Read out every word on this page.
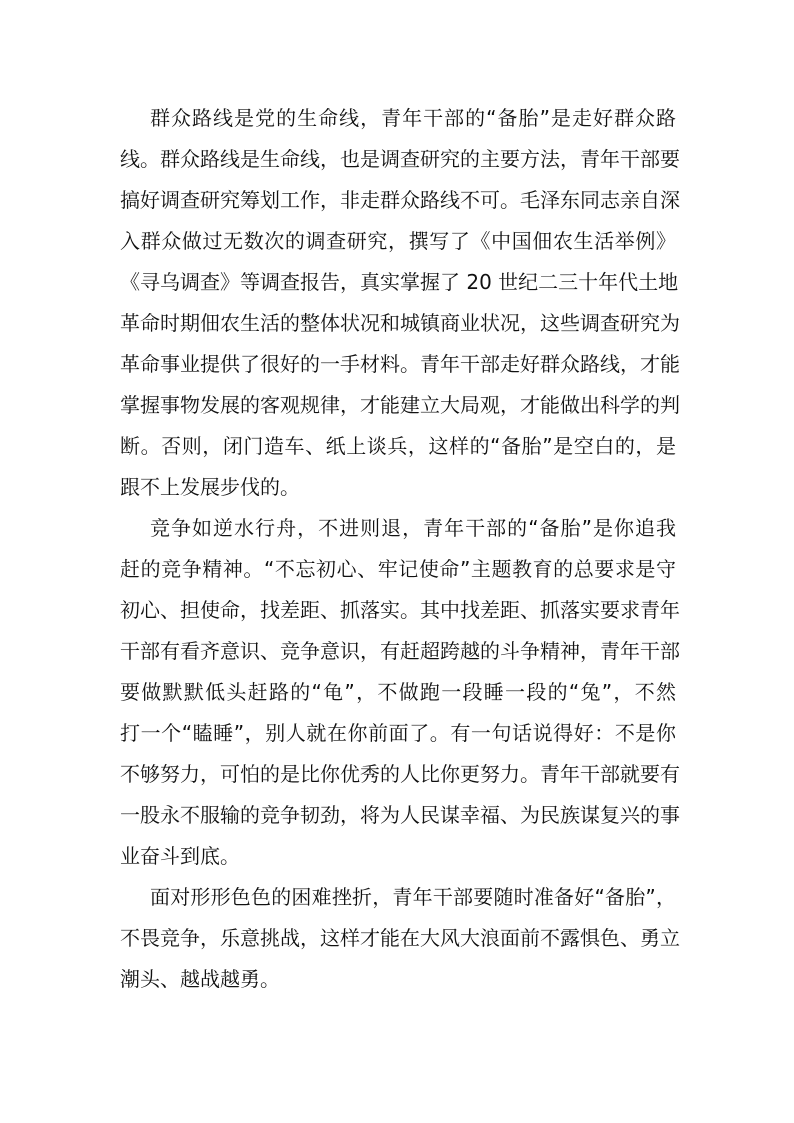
群众路线是党的生命线，青年干部的“备胎”是走好群众路
线。群众路线是生命线，也是调查研究的主要方法，青年干部要
搞好调查研究筹划工作，非走群众路线不可。毛泽东同志亲自深
入群众做过无数次的调查研究，撰写了《中国佃农生活举例》
《寻乌调查》等调查报告，真实掌握了 20 世纪二三十年代土地
革命时期佃农生活的整体状况和城镇商业状况，这些调查研究为
革命事业提供了很好的一手材料。青年干部走好群众路线，才能
掌握事物发展的客观规律，才能建立大局观，才能做出科学的判
断。否则，闭门造车、纸上谈兵，这样的“备胎”是空白的，是
跟不上发展步伐的。
竞争如逆水行舟，不进则退，青年干部的“备胎”是你追我
赶的竞争精神。“不忘初心、牢记使命”主题教育的总要求是守
初心、担使命，找差距、抓落实。其中找差距、抓落实要求青年
干部有看齐意识、竞争意识，有赶超跨越的斗争精神，青年干部
要做默默低头赶路的“龟”，不做跑一段睡一段的“兔”，不然
打一个“瞌睡”，别人就在你前面了。有一句话说得好：不是你
不够努力，可怕的是比你优秀的人比你更努力。青年干部就要有
一股永不服输的竞争韧劲，将为人民谋幸福、为民族谋复兴的事
业奋斗到底。
面对形形色色的困难挫折，青年干部要随时准备好“备胎”，
不畏竞争，乐意挑战，这样才能在大风大浪面前不露惧色、勇立
潮头、越战越勇。
